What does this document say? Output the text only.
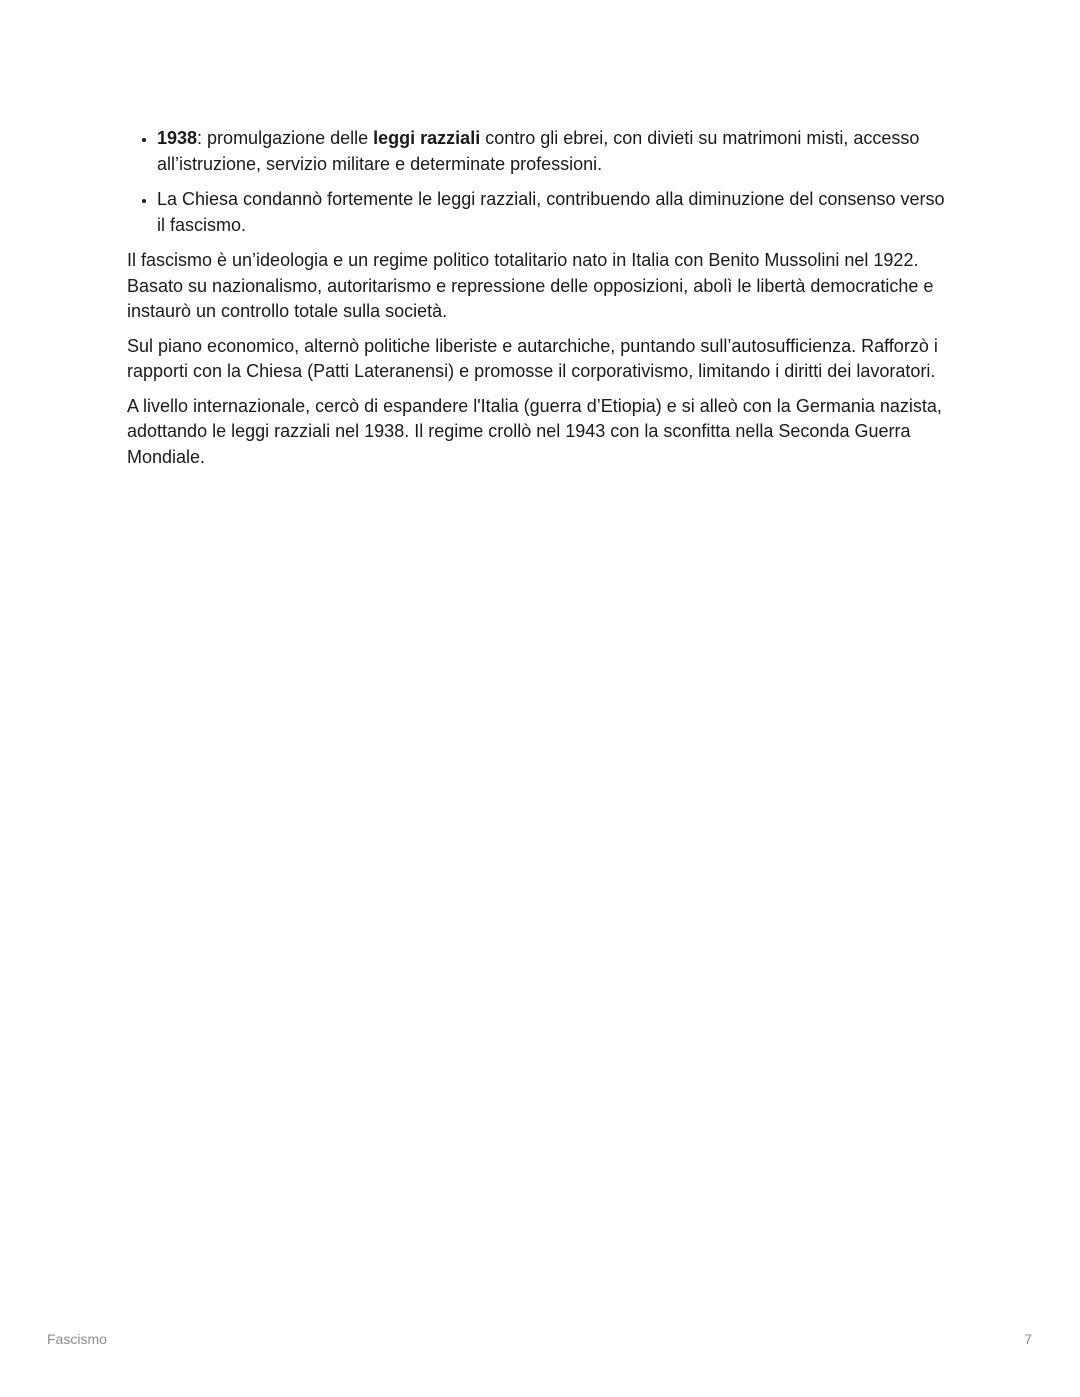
• 1938: promulgazione delle leggi razziali contro gli ebrei, con divieti su matrimoni misti, accesso all’istruzione, servizio militare e determinate professioni.
• La Chiesa condannò fortemente le leggi razziali, contribuendo alla diminuzione del consenso verso il fascismo.

Il fascismo è un’ideologia e un regime politico totalitario nato in Italia con Benito Mussolini nel 1922. Basato su nazionalismo, autoritarismo e repressione delle opposizioni, abolì le libertà democratiche e instaurò un controllo totale sulla società.

Sul piano economico, alternò politiche liberiste e autarchiche, puntando sull’autosufficienza. Rafforzò i rapporti con la Chiesa (Patti Lateranensi) e promosse il corporativismo, limitando i diritti dei lavoratori.

A livello internazionale, cercò di espandere l'Italia (guerra d’Etiopia) e si alleò con la Germania nazista, adottando le leggi razziali nel 1938. Il regime crollò nel 1943 con la sconfitta nella Seconda Guerra Mondiale.

Fascismo	7
